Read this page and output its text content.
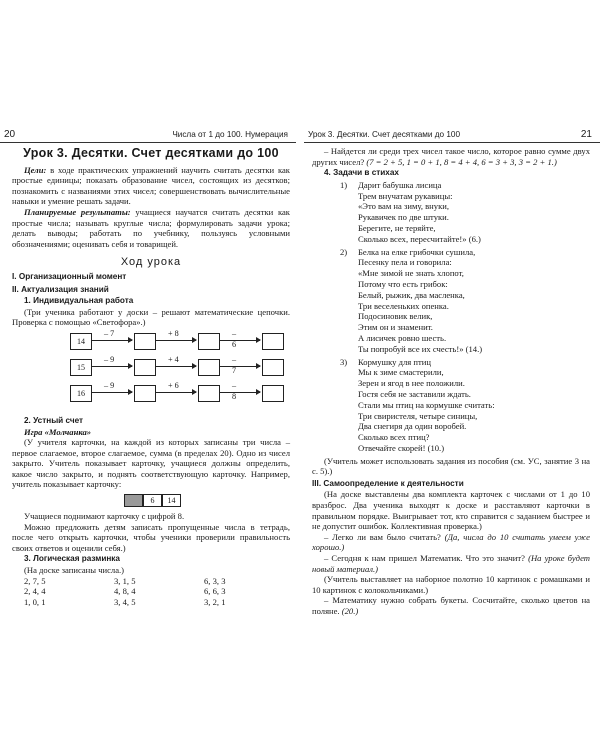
20	Числа от 1 до 100. Нумерация
Урок 3. Десятки. Счет десятками до 100

Цели: в ходе практических упражнений научить считать десятки как простые единицы; показать образование чисел, состоящих из десятков; познакомить с названиями этих чисел; совершенствовать вычислительные навыки и умение решать задачи.

Планируемые результаты: учащиеся научатся считать десятки как простые числа; называть круглые числа; формулировать задачи урока; делать выводы; работать по учебнику, пользуясь условными обозначениями; оценивать себя и товарищей.

Ход урока
I. Организационный момент
II. Актуализация знаний
1. Индивидуальная работа

(Три ученика работают у доски – решают математические цепочки. Проверка с помощью «Светофора».)

14
– 7	+ 8	– 6
15
– 9	+ 4	– 7
16
– 9	+ 6	– 8
2. Устный счет
Игра «Молчанка»

(У учителя карточки, на каждой из которых записаны три числа – первое слагаемое, второе слагаемое, сумма (в пределах 20). Одно из чисел закрыто. Учитель показывает карточку, учащиеся должны определить, какое число закрыто, и поднять соответствующую карточку. Например, учитель показывает карточку:

6	14

Учащиеся поднимают карточку с цифрой 8.

Можно предложить детям записать пропущенные числа в тетрадь, после чего открыть карточки, чтобы ученики проверили правильность своих ответов и оценили себя.)

3. Логическая разминка
(На доске записаны числа.)
2, 7, 5	3, 1, 5	6, 3, 3
2, 4, 4	4, 8, 4	6, 6, 3
1, 0, 1	3, 4, 5	3, 2, 1
Урок 3. Десятки. Счет десятками до 100	21

– Найдется ли среди трех чисел такое число, которое равно сумме двух других чисел? (7 = 2 + 5, 1 = 0 + 1, 8 = 4 + 4, 6 = 3 + 3, 3 = 2 + 1.)

4. Задачи в стихах
1)	Дарит бабушка лисица
Трем внучатам рукавицы:
«Это вам на зиму, внуки,
Рукавичек по две штуки.
Берегите, не теряйте,
Сколько всех, пересчитайте!» (6.)
2)	Белка на елке грибочки сушила,
Песенку пела и говорила:
«Мне зимой не знать хлопот,
Потому что есть грибок:
Белый, рыжик, два масленка,
Три веселеньких опенка.
Подосиновик велик,
Этим он и знаменит.
А лисичек ровно шесть.
Ты попробуй все их счесть!» (14.)
3)	Кормушку для птиц
Мы к зиме смастерили,
Зерен и ягод в нее положили.
Гостя себя не заставили ждать.
Стали мы птиц на кормушке считать:
Три свиристеля, четыре синицы,
Два снегиря да один воробей.
Сколько всех птиц?
Отвечайте скорей! (10.)

(Учитель может использовать задания из пособия (см. УС, занятие 3 на с. 5).)

III. Самоопределение к деятельности

(На доске выставлены два комплекта карточек с числами от 1 до 10 вразброс. Два ученика выходят к доске и расставляют карточки в правильном порядке. Выигрывает тот, кто справится с заданием быстрее и не допустит ошибок. Коллективная проверка.)

– Легко ли вам было считать? (Да, числа до 10 считать умеем уже хорошо.)

– Сегодня к нам пришел Математик. Что это значит? (На уроке будет новый материал.)

(Учитель выставляет на наборное полотно 10 картинок с ромашками и 10 картинок с колокольчиками.)

– Математику нужно собрать букеты. Сосчитайте, сколько цветов на поляне. (20.)
